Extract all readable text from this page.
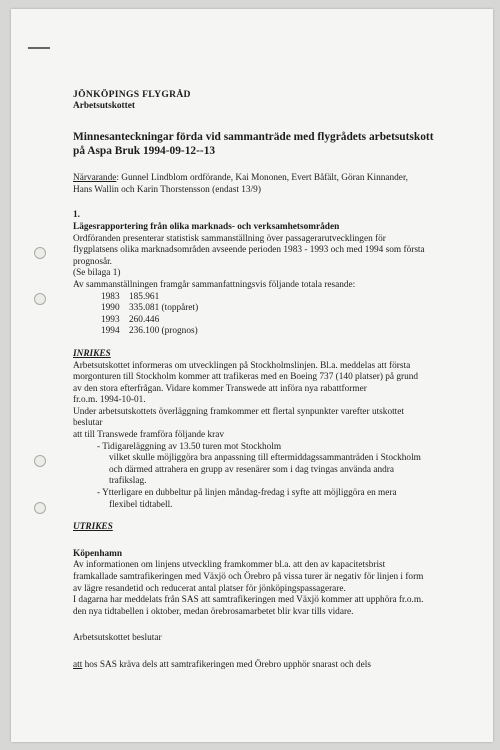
JÖNKÖPINGS FLYGRÅD
Arbetsutskottet
Minnesanteckningar förda vid sammanträde med flygrådets arbetsutskott
på Aspa Bruk 1994-09-12--13
Närvarande: Gunnel Lindblom ordförande, Kai Mononen, Evert Båfält, Göran Kinnander,
Hans Wallin och Karin Thorstensson (endast 13/9)
1.
Lägesrapportering från olika marknads- och verksamhetsområden

Ordföranden presenterar statistisk sammanställning över passagerarutvecklingen för

flygplatsens olika marknadsområden avseende perioden 1983 - 1993 och med 1994 som första

prognosår.

(Se bilaga 1)

Av sammanställningen framgår sammanfattningsvis följande totala resande:

1983 185.961
1990 335.081 (toppåret)
1993 260.446
1994 236.100 (prognos)
INRIKES

Arbetsutskottet informeras om utvecklingen på Stockholmslinjen. Bl.a. meddelas att första

morgonturen till Stockholm kommer att trafikeras med en Boeing 737 (140 platser) på grund

av den stora efterfrågan. Vidare kommer Transwede att införa nya rabattformer

fr.o.m. 1994-10-01.

Under arbetsutskottets överläggning framkommer ett flertal synpunkter varefter utskottet

beslutar

att till Transwede framföra följande krav

- Tidigareläggning av 13.50 turen mot Stockholm

vilket skulle möjliggöra bra anpassning till eftermiddagssammanträden i Stockholm

och därmed attrahera en grupp av resenärer som i dag tvingas använda andra

trafikslag.

- Ytterligare en dubbeltur på linjen måndag-fredag i syfte att möjliggöra en mera

flexibel tidtabell.

UTRIKES
Köpenhamn

Av informationen om linjens utveckling framkommer bl.a. att den av kapacitetsbrist

framkallade samtrafikeringen med Växjö och Örebro på vissa turer är negativ för linjen i form

av lägre resandetid och reducerat antal platser för jönköpingspassagerare.

I dagarna har meddelats från SAS att samtrafikeringen med Växjö kommer att upphöra fr.o.m.

den nya tidtabellen i oktober, medan örebrosamarbetet blir kvar tills vidare.

Arbetsutskottet beslutar
att hos SAS kräva dels att samtrafikeringen med Örebro upphör snarast och dels
